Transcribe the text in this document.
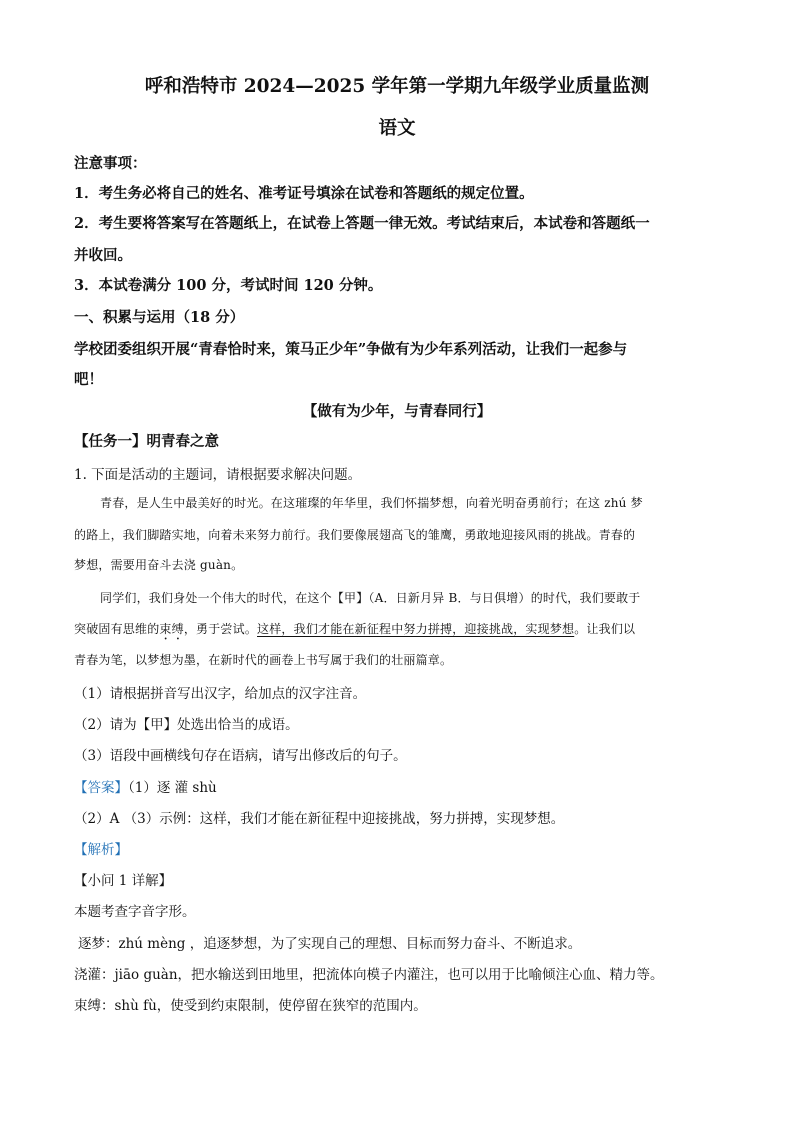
呼和浩特市 2024—2025 学年第一学期九年级学业质量监测
语文
注意事项：
1．考生务必将自己的姓名、准考证号填涂在试卷和答题纸的规定位置。
2．考生要将答案写在答题纸上，在试卷上答题一律无效。考试结束后，本试卷和答题纸一
并收回。
3．本试卷满分 100 分，考试时间 120 分钟。
一、积累与运用（18 分）
学校团委组织开展“青春恰时来，策马正少年”争做有为少年系列活动，让我们一起参与
吧！
【做有为少年，与青春同行】
【任务一】明青春之意
1. 下面是活动的主题词，请根据要求解决问题。
青春，是人生中最美好的时光。在这璀璨的年华里，我们怀揣梦想，向着光明奋勇前行；在这 zhú 梦
的路上，我们脚踏实地，向着未来努力前行。我们要像展翅高飞的雏鹰，勇敢地迎接风雨的挑战。青春的
梦想，需要用奋斗去浇 guàn。
同学们，我们身处一个伟大的时代，在这个【甲】（A．日新月异 B．与日俱增）的时代，我们要敢于
突破固有思维的束缚，勇于尝试。这样，我们才能在新征程中努力拼搏，迎接挑战，实现梦想。让我们以
青春为笔，以梦想为墨，在新时代的画卷上书写属于我们的壮丽篇章。
（1）请根据拼音写出汉字，给加点的汉字注音。
（2）请为【甲】处选出恰当的成语。
（3）语段中画横线句存在语病，请写出修改后的句子。
【答案】（1）逐 灌 shù
（2）A （3）示例：这样，我们才能在新征程中迎接挑战，努力拼搏，实现梦想。
【解析】
【小问 1 详解】
本题考查字音字形。
逐梦：zhú mèng ，追逐梦想，为了实现自己的理想、目标而努力奋斗、不断追求。
浇灌：jiāo guàn，把水输送到田地里，把流体向模子内灌注，也可以用于比喻倾注心血、精力等。
束缚：shù fù，使受到约束限制，使停留在狭窄的范围内。
